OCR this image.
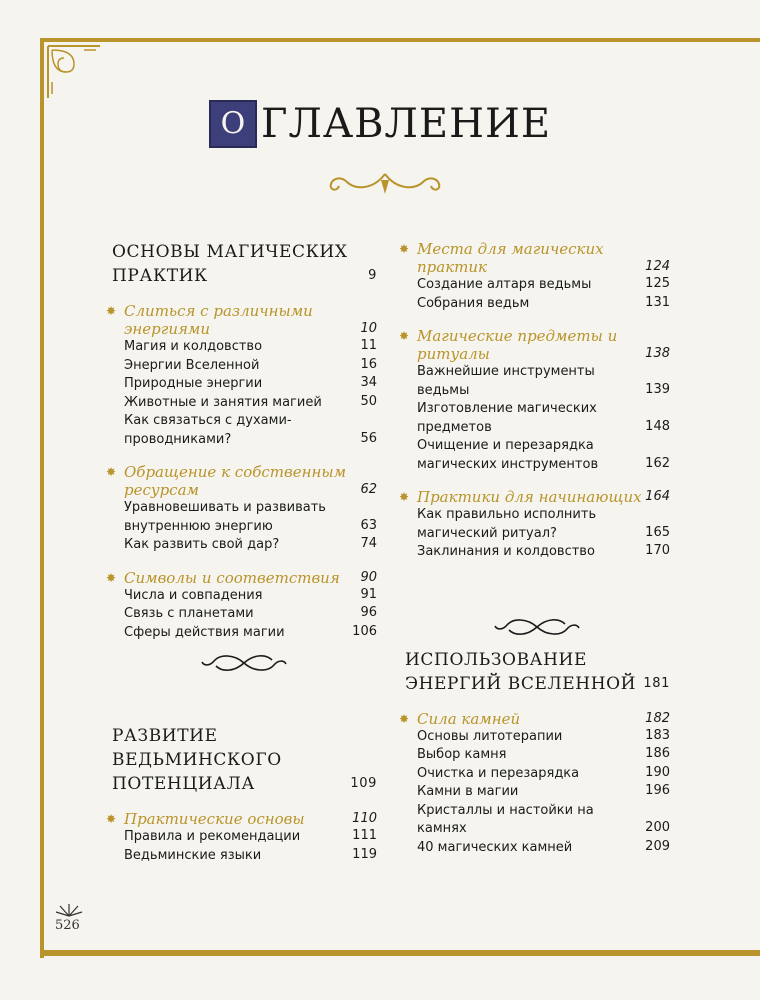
О ГЛАВЛЕНИЕ
ОСНОВЫ МАГИЧЕСКИХ ПРАКТИК	9
✸ Слиться с различными энергиями	10
Магия и колдовство	11
Энергии Вселенной	16
Природные энергии	34
Животные и занятия магией	50
Как связаться с духами-проводниками?	56
✸ Обращение к собственным ресурсам	62
Уравновешивать и развивать внутреннюю энергию	63
Как развить свой дар?	74
✸ Символы и соответствия 90
Числа и совпадения	91
Связь с планетами	96
Сферы действия магии	106
РАЗВИТИЕ ВЕДЬМИНСКОГО ПОТЕНЦИАЛА	109
✸ Практические основы	110
Правила и рекомендации	111
Ведьминские языки	119
✸ Места для магических практик	124
Создание алтаря ведьмы	125
Собрания ведьм	131
✸ Магические предметы и ритуалы	138
Важнейшие инструменты ведьмы	139
Изготовление магических предметов	148
Очищение и перезарядка магических инструментов	162
✸ Практики для начинающих 164
Как правильно исполнить магический ритуал?	165
Заклинания и колдовство	170
ИСПОЛЬЗОВАНИЕ ЭНЕРГИЙ ВСЕЛЕННОЙ 181
✸ Сила камней	182
Основы литотерапии	183
Выбор камня	186
Очистка и перезарядка	190
Камни в магии	196
Кристаллы и настойки на камнях	200
40 магических камней	209
526
